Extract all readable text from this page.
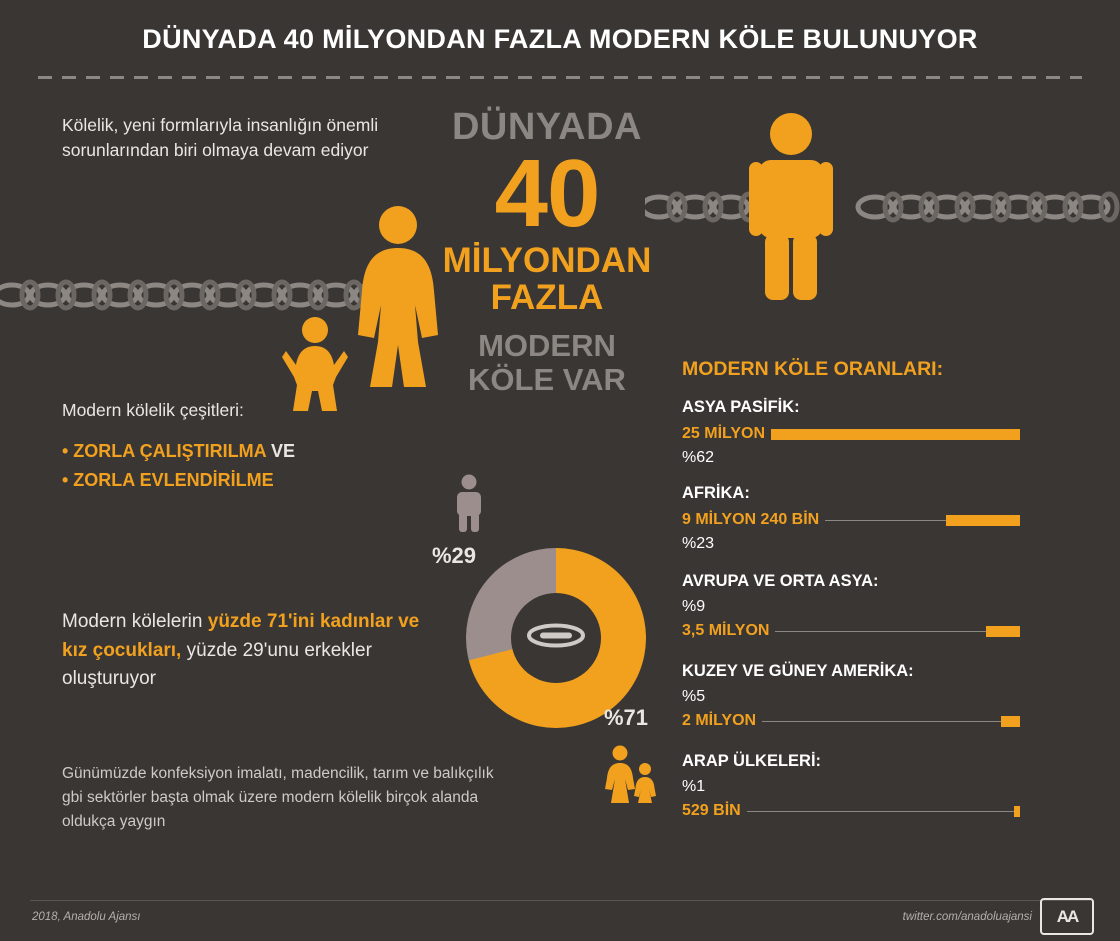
DÜNYADA 40 MİLYONDAN FAZLA MODERN KÖLE BULUNUYOR
Kölelik, yeni formlarıyla insanlığın önemli sorunlarından biri olmaya devam ediyor
Modern kölelik çeşitleri:
• ZORLA ÇALIŞTIRILMA VE
• ZORLA EVLENDİRİLME
Modern kölelerin yüzde 71'ini kadınlar ve kız çocukları, yüzde 29'unu erkekler oluşturuyor
Günümüzde konfeksiyon imalatı, madencilik, tarım ve balıkçılık gbi sektörler başta olmak üzere modern kölelik birçok alanda oldukça yaygın
DÜNYADA
40
MİLYONDAN
FAZLA
MODERN KÖLE VAR
%29
%71
MODERN KÖLE ORANLARI:
ASYA PASİFİK:
25 MİLYON
%62
AFRİKA:
9 MİLYON 240 BİN
%23
AVRUPA VE ORTA ASYA:
%9
3,5 MİLYON
KUZEY VE GÜNEY AMERİKA:
%5
2 MİLYON
ARAP ÜLKELERİ:
%1
529 BİN
2018, Anadolu Ajansı	twitter.com/anadoluajansi	AA
